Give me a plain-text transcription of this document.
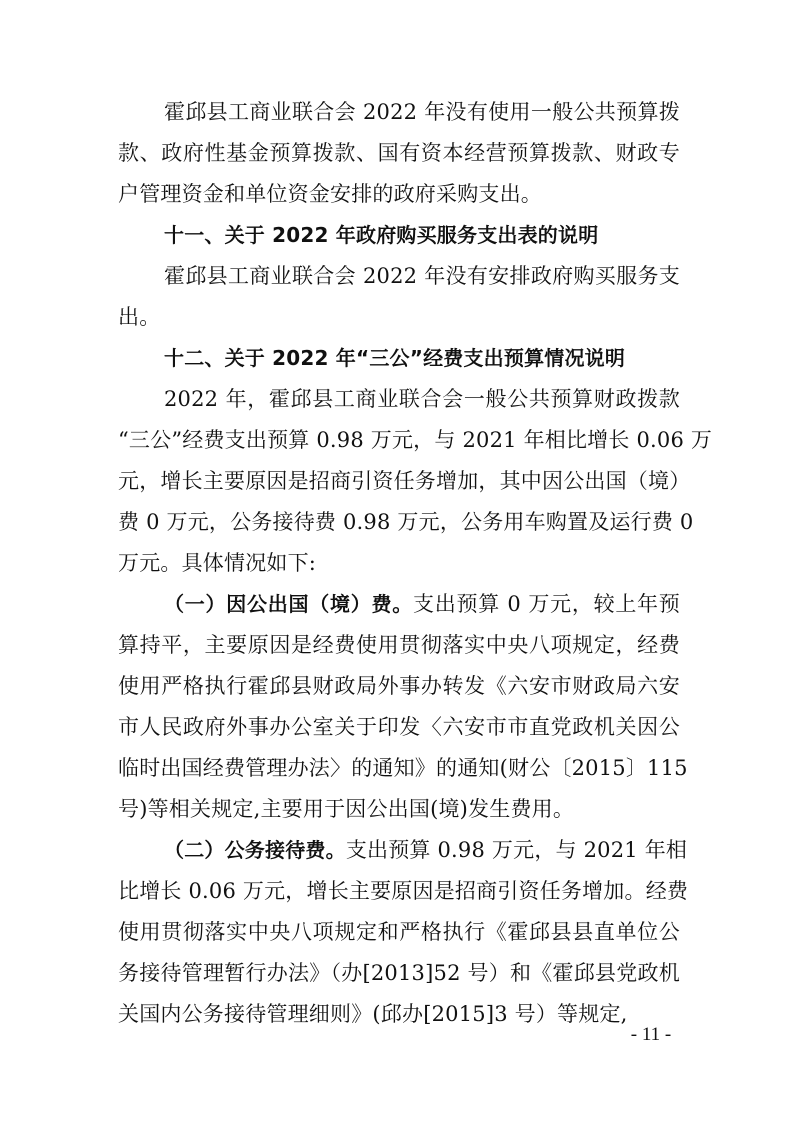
霍邱县工商业联合会 2022 年没有使用一般公共预算拨
款、政府性基金预算拨款、国有资本经营预算拨款、财政专
户管理资金和单位资金安排的政府采购支出。
十一、关于 2022 年政府购买服务支出表的说明
霍邱县工商业联合会 2022 年没有安排政府购买服务支
出。
十二、关于 2022 年“三公”经费支出预算情况说明
2022 年，霍邱县工商业联合会一般公共预算财政拨款
“三公”经费支出预算 0.98 万元，与 2021 年相比增长 0.06 万
元，增长主要原因是招商引资任务增加，其中因公出国（境）
费 0 万元，公务接待费 0.98 万元，公务用车购置及运行费 0
万元。具体情况如下:
（一）因公出国（境）费。支出预算 0 万元，较上年预
算持平，主要原因是经费使用贯彻落实中央八项规定，经费
使用严格执行霍邱县财政局外事办转发《六安市财政局六安
市人民政府外事办公室关于印发〈六安市市直党政机关因公
临时出国经费管理办法〉的通知》的通知(财公〔2015〕115
号)等相关规定,主要用于因公出国(境)发生费用。
（二）公务接待费。支出预算 0.98 万元，与 2021 年相
比增长 0.06 万元，增长主要原因是招商引资任务增加。经费
使用贯彻落实中央八项规定和严格执行《霍邱县县直单位公
务接待管理暂行办法》（办[2013]52 号）和《霍邱县党政机
关国内公务接待管理细则》(邱办[2015]3 号）等规定,
- 11 -
